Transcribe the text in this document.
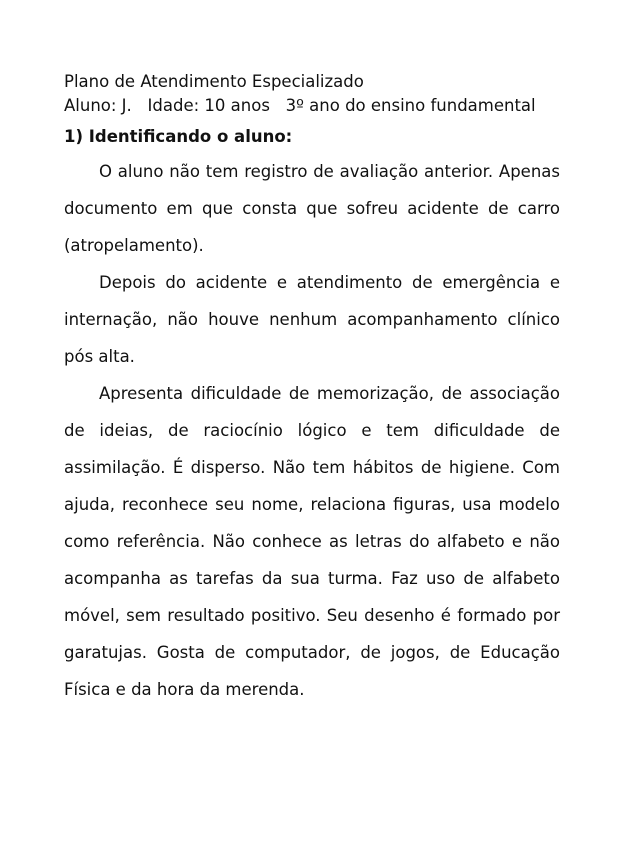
Plano de Atendimento Especializado

Aluno: J.   Idade: 10 anos   3º ano do ensino fundamental

1) Identificando o aluno:

O aluno não tem registro de avaliação anterior. Apenas documento em que consta que sofreu acidente de carro (atropelamento).

Depois do acidente e atendimento de emergência e internação, não houve nenhum acompanhamento clínico pós alta.

Apresenta dificuldade de memorização, de associação de ideias, de raciocínio lógico e tem dificuldade de assimilação. É disperso. Não tem hábitos de higiene. Com ajuda, reconhece seu nome, relaciona figuras, usa modelo como referência. Não conhece as letras do alfabeto e não acompanha as tarefas da sua turma. Faz uso de alfabeto móvel, sem resultado positivo. Seu desenho é formado por garatujas. Gosta de computador, de jogos, de Educação Física e da hora da merenda.
